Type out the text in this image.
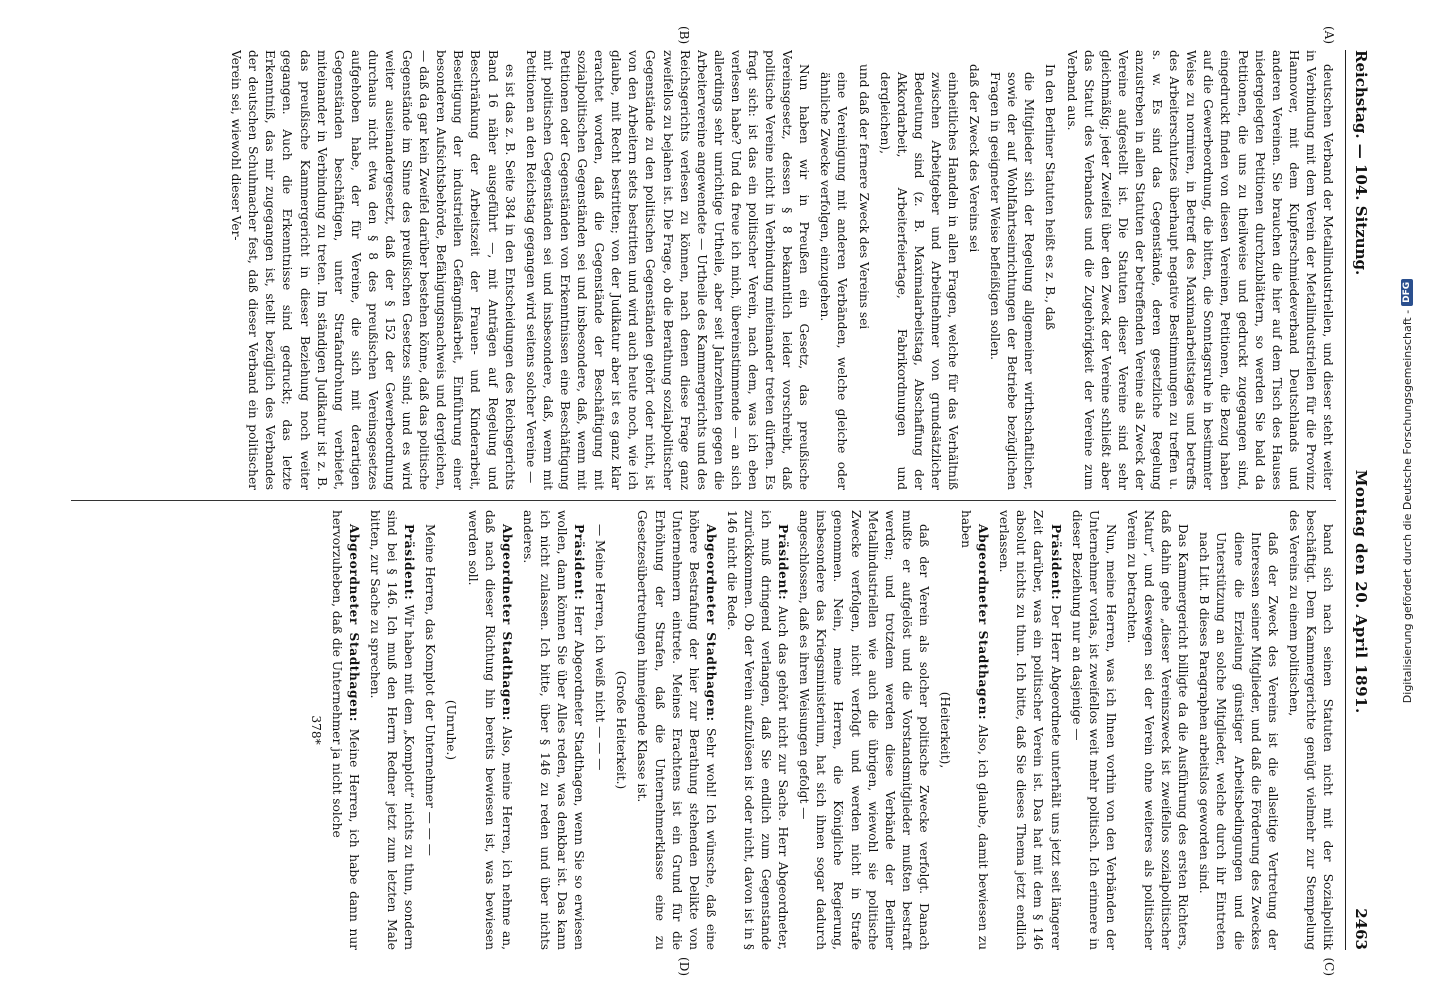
Reichstag. — 104. Sitzung.
Montag den 20. April 1891.
2463
(A)
(B)
(C)
(D)

deutschen Verband der Metallindustriellen, und dieser steht weiter in Verbindung mit dem Verein der Metallindustriellen für die Provinz Hannover, mit dem Kupferschmiedeverband Deutschlands und anderen Vereinen. Sie brauchen die hier auf dem Tisch des Hauses niedergelegten Petitionen durchzublättern, so werden Sie bald da Petitionen, die uns zu theilweise und gedruckt zugegangen sind, eingedruckt finden von diesen Vereinen, Petitionen, die Bezug haben auf die Gewerbeordnung, die bitten, die Sonntagsruhe in bestimmter Weise zu normiren, in Betreff des Maximalarbeitstages und betreffs des Arbeiterschutzes überhaupt negative Bestimmungen zu treffen u. s. w. Es sind das Gegenstände, deren gesetzliche Regelung anzustreben in allen Statuten der betreffenden Vereine als Zweck der Vereine aufgestellt ist. Die Statuten dieser Vereine sind sehr gleichmäßig; jeder Zweifel über den Zweck der Vereine schließt aber das Statut des Verbandes und die Zugehörigkeit der Vereine zum Verband aus.

In den Berliner Statuten heißt es z. B., daß

die Mitglieder sich der Regelung allgemeiner wirthschaftlicher, sowie der auf Wohlfahrtseinrichtungen der Betriebe bezüglichen Fragen in geeigneter Weise befleißigen sollen.

daß der Zweck des Vereins sei

einheitliches Handeln in allen Fragen, welche für das Verhältniß zwischen Arbeitgeber und Arbeitnehmer von grundsätzlicher Bedeutung sind (z. B. Maximalarbeitstag, Abschaffung der Akkordarbeit, Arbeiterfeiertage, Fabrikordnungen und dergleichen),

und daß der fernere Zweck des Vereins sei

eine Vereinigung mit anderen Verbänden, welche gleiche oder ähnliche Zwecke verfolgen, einzugehen.

Nun haben wir in Preußen ein Gesetz, das preußische Vereinsgesetz, dessen § 8 bekanntlich leider vorschreibt, daß politische Vereine nicht in Verbindung miteinander treten dürften. Es fragt sich: ist das ein politischer Verein, nach dem, was ich eben verlesen habe? Und da freue ich mich, übereinstimmende — an sich allerdings sehr unrichtige Urtheile, aber seit Jahrzehnten gegen die Arbeitervereine angewendete — Urtheile des Kammergerichts und des Reichsgerichts verlesen zu können, nach denen diese Frage ganz zweifellos zu bejahen ist. Die Frage, ob die Berathung sozialpolitischer Gegenstände zu den politischen Gegenständen gehört oder nicht, ist von den Arbeitern stets bestritten und wird auch heute noch, wie ich glaube, mit Recht bestritten; von der Judikatur aber ist es ganz klar erachtet worden, daß die Gegenstände der Beschäftigung mit sozialpolitischen Gegenständen sei und insbesondere, daß, wenn mit Petitionen oder Gegenständen von Erkenntnissen eine Beschäftigung mit politischen Gegenständen sei und insbesondere, daß, wenn mit Petitionen an den Reichstag gegangen wird seitens solcher Vereine —

es ist das z. B. Seite 384 in den Entscheidungen des Reichsgerichts Band 16 näher ausgeführt —, mit Anträgen auf Regelung und Beschränkung der Arbeitszeit der Frauen- und Kinderarbeit, Beseitigung der industriellen Gefängnißarbeit, Einführung einer besonderen Aufsichtsbehörde, Befähigungsnachweis und dergleichen, — daß da gar kein Zweifel darüber bestehen könne, daß das politische Gegenstände im Sinne des preußischen Gesetzes sind; und es wird weiter auseinandergesetzt, daß der § 152 der Gewerbeordnung durchaus nicht etwa den § 8 des preußischen Vereinsgesetzes aufgehoben habe, der für Vereine, die sich mit derartigen Gegenständen beschäftigen, unter Strafandrohung verbietet, miteinander in Verbindung zu treten. Im ständigen Judikatur ist z. B. das preußische Kammergericht in dieser Beziehung noch weiter gegangen. Auch die Erkenntnisse sind gedruckt; das letzte Erkenntniß, das mir zugegangen ist, stellt bezüglich des Verbandes der deutschen Schuhmacher fest, daß dieser Verband ein politischer Verein sei, wiewohl dieser Ver-

band sich nach seinen Statuten nicht mit der Sozialpolitik beschäftigt. Dem Kammergerichte genügt vielmehr zur Stempelung des Vereins zu einem politischen,

daß der Zweck des Vereins ist die allseitige Vertretung der Interessen seiner Mitglieder, und daß die Förderung des Zweckes diene die Erzielung günstiger Arbeitsbedingungen und die Unterstützung an solche Mitglieder, welche durch ihr Eintreten nach Litt. B dieses Paragraphen arbeitslos geworden sind.

Das Kammergericht billigte da die Ausführung des ersten Richters, daß dahin gehe „dieser Vereinszweck ist zweifellos sozialpolitischer Natur“, und deswegen sei der Verein ohne weiteres als politischer Verein zu betrachten.

Nun, meine Herren, was ich Ihnen vorhin von den Verbänden der Unternehmer vorlas, ist zweifellos weit mehr politisch. Ich erinnere in dieser Beziehung nur an dasjenige —

Präsident: Der Herr Abgeordnete unterhält uns jetzt seit längerer Zeit darüber, was ein politischer Verein ist. Das hat mit dem § 146 absolut nichts zu thun. Ich bitte, daß Sie dieses Thema jetzt endlich verlassen.

Abgeordneter Stadthagen: Also, ich glaube, damit bewiesen zu haben

(Heiterkeit),

daß der Verein als solcher politische Zwecke verfolgt. Danach mußte er aufgelöst und die Vorstandsmitglieder mußten bestraft werden; und trotzdem werden diese Verbände der Berliner Metallindustriellen wie auch die übrigen, wiewohl sie politische Zwecke verfolgen, nicht verfolgt und werden nicht in Strafe genommen. Nein, meine Herren, die Königliche Regierung, insbesondere das Kriegsministerium, hat sich ihnen sogar dadurch angeschlossen, daß es ihren Weisungen gefolgt —

Präsident: Auch das gehört nicht zur Sache. Herr Abgeordneter, ich muß dringend verlangen, daß Sie endlich zum Gegenstande zurückkommen. Ob der Verein aufzulösen ist oder nicht, davon ist in § 146 nicht die Rede.

Abgeordneter Stadthagen: Sehr wohl! Ich wünsche, daß eine höhere Bestrafung der hier zur Berathung stehenden Delikte von Unternehmern eintrete. Meines Erachtens ist ein Grund für die Erhöhung der Strafen, daß die Unternehmerklasse eine zu Gesetzesübertretungen hinneigende Klasse ist.

(Große Heiterkeit.)

— Meine Herren, ich weiß nicht — — —

Präsident: Herr Abgeordneter Stadthagen, wenn Sie so erwiesen wollen, dann können Sie über Alles reden, was denkbar ist. Das kann ich nicht zulassen. Ich bitte, über § 146 zu reden und über nichts anderes.

Abgeordneter Stadthagen: Also, meine Herren, ich nehme an, daß nach dieser Richtung hin bereits bewiesen ist, was bewiesen werden soll.

(Unruhe.)

Meine Herren, das Komplot der Unternehmer — — —

Präsident: Wir haben mit dem „Komplott“ nichts zu thun, sondern sind bei § 146. Ich muß den Herrn Redner jetzt zum letzten Male bitten, zur Sache zu sprechen.

Abgeordneter Stadthagen: Meine Herren, ich habe dann nur hervorzuheben, daß die Unternehmer ja nicht solche

378*

Digitalisierung gefördert durch die Deutsche Forschungsgemeinschaft -
DFG
